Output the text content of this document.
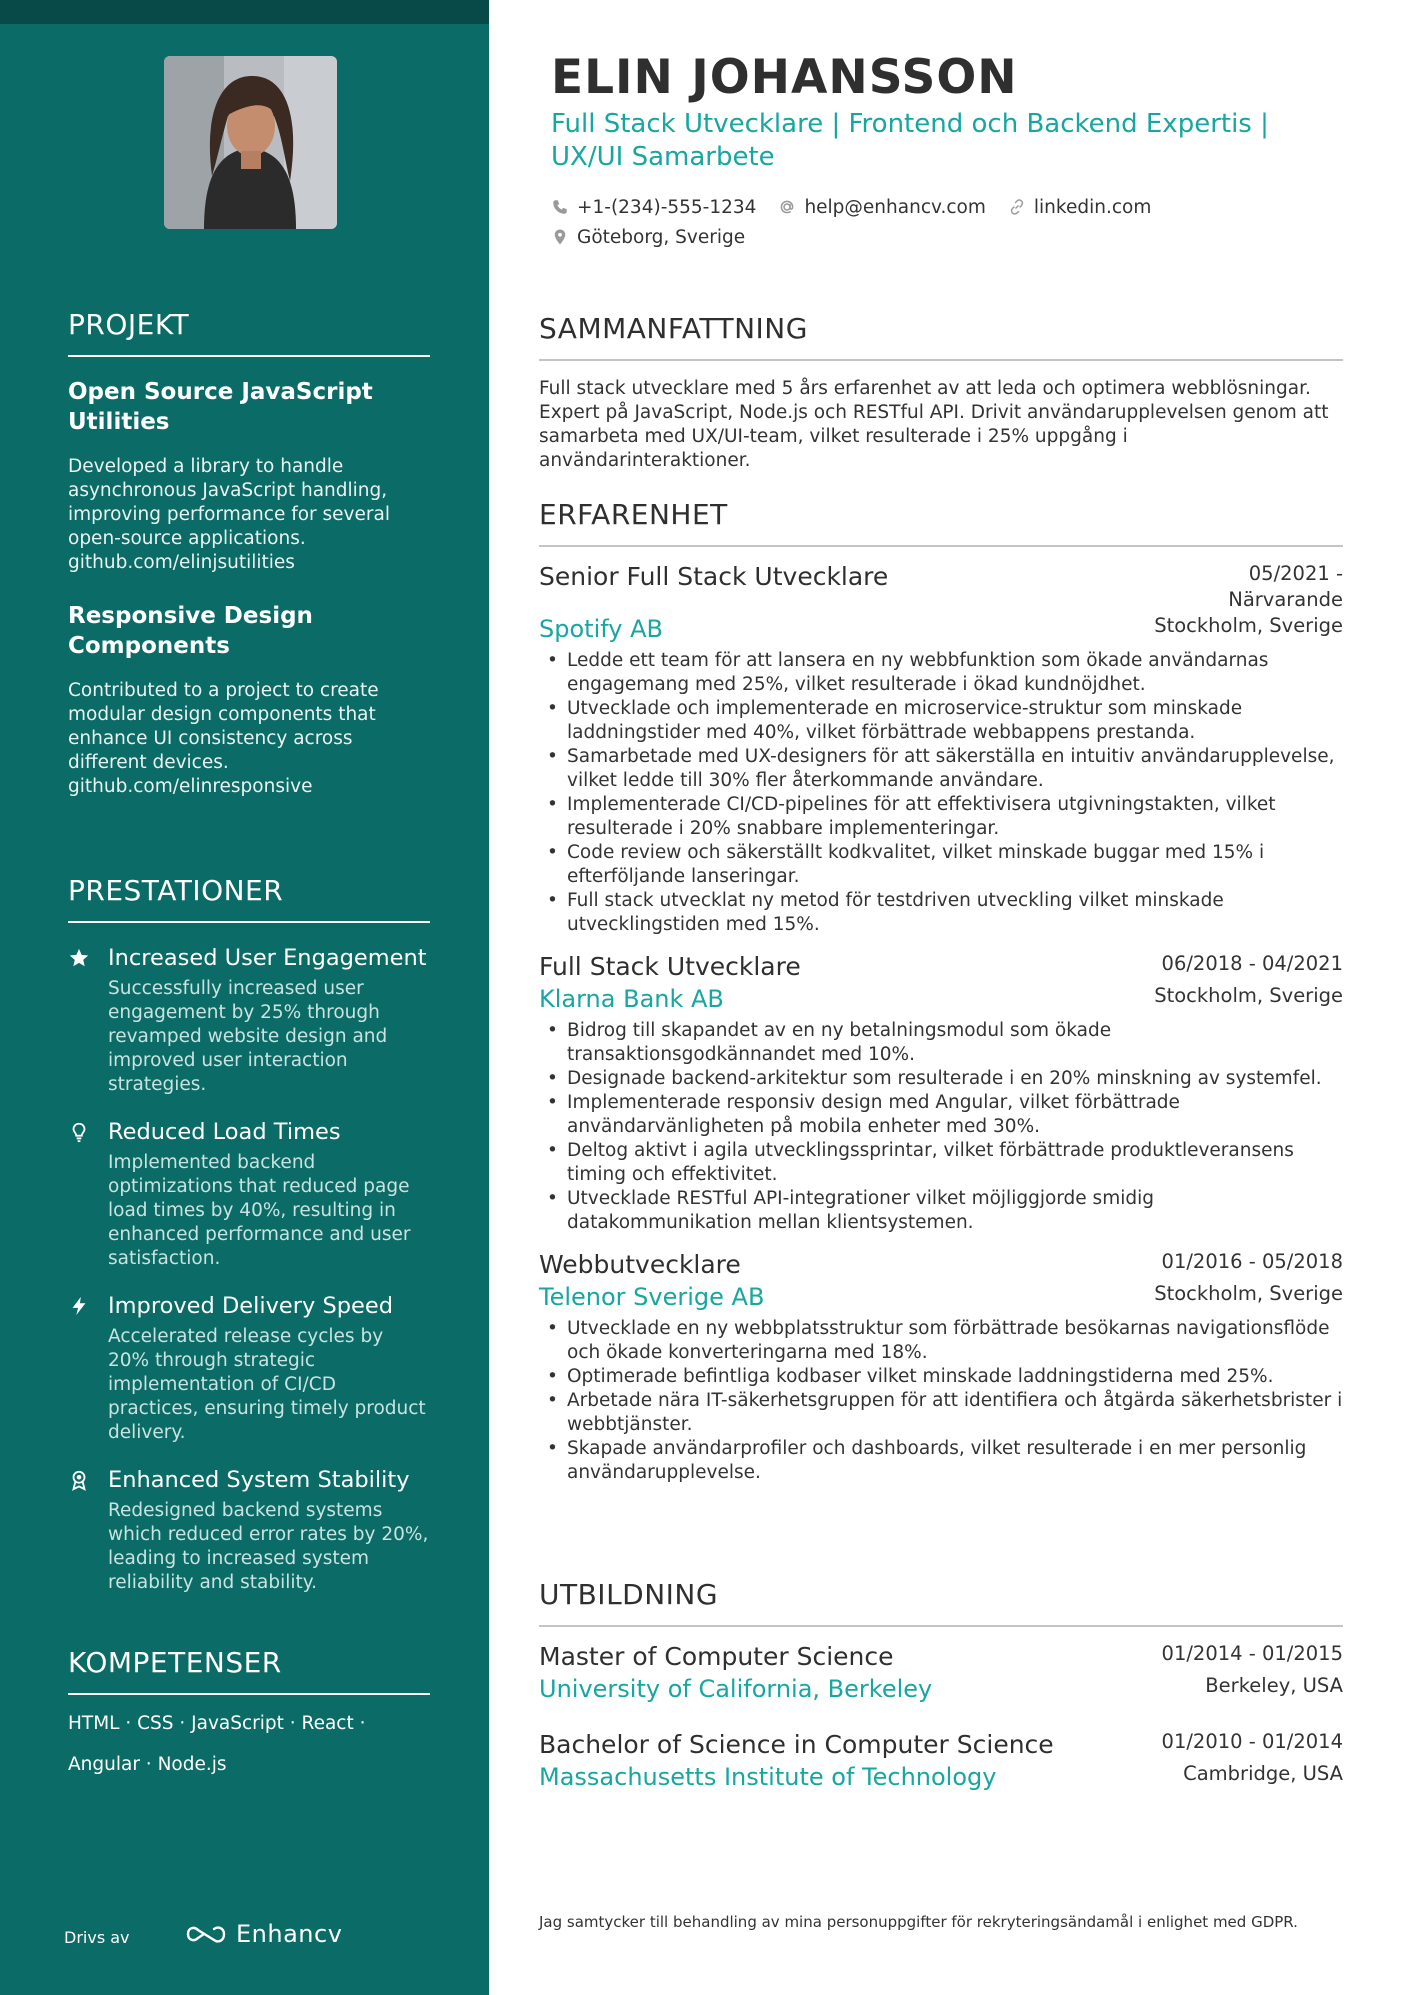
PROJEKT
Open Source JavaScript Utilities
Developed a library to handle asynchronous JavaScript handling, improving performance for several open-source applications. github.com/elinjsutilities
Responsive Design Components
Contributed to a project to create modular design components that enhance UI consistency across different devices. github.com/elinresponsive
PRESTATIONER
Increased User Engagement
Successfully increased user engagement by 25% through revamped website design and improved user interaction strategies.
Reduced Load Times
Implemented backend optimizations that reduced page load times by 40%, resulting in enhanced performance and user satisfaction.
Improved Delivery Speed
Accelerated release cycles by 20% through strategic implementation of CI/CD practices, ensuring timely product delivery.
Enhanced System Stability
Redesigned backend systems which reduced error rates by 20%, leading to increased system reliability and stability.
KOMPETENSER
HTML · CSS · JavaScript · React ·
Angular · Node.js
Drivs av	Enhancv
ELIN JOHANSSON
Full Stack Utvecklare | Frontend och Backend Expertis |
UX/UI Samarbete
+1-(234)-555-1234	help@enhancv.com	linkedin.com
Göteborg, Sverige
SAMMANFATTNING
Full stack utvecklare med 5 års erfarenhet av att leda och optimera webblösningar. Expert på JavaScript, Node.js och RESTful API. Drivit användarupplevelsen genom att samarbeta med UX/UI-team, vilket resulterade i 25% uppgång i användarinteraktioner.
ERFARENHET
Senior Full Stack Utvecklare	05/2021 -
Närvarande
Spotify AB	Stockholm, Sverige
• Ledde ett team för att lansera en ny webbfunktion som ökade användarnas engagemang med 25%, vilket resulterade i ökad kundnöjdhet.
• Utvecklade och implementerade en microservice-struktur som minskade laddningstider med 40%, vilket förbättrade webbappens prestanda.
• Samarbetade med UX-designers för att säkerställa en intuitiv användarupplevelse, vilket ledde till 30% fler återkommande användare.
• Implementerade CI/CD-pipelines för att effektivisera utgivningstakten, vilket resulterade i 20% snabbare implementeringar.
• Code review och säkerställt kodkvalitet, vilket minskade buggar med 15% i efterföljande lanseringar.
• Full stack utvecklat ny metod för testdriven utveckling vilket minskade utvecklingstiden med 15%.
Full Stack Utvecklare	06/2018 - 04/2021
Klarna Bank AB	Stockholm, Sverige
• Bidrog till skapandet av en ny betalningsmodul som ökade transaktionsgodkännandet med 10%.
• Designade backend-arkitektur som resulterade i en 20% minskning av systemfel.
• Implementerade responsiv design med Angular, vilket förbättrade användarvänligheten på mobila enheter med 30%.
• Deltog aktivt i agila utvecklingssprintar, vilket förbättrade produktleveransens timing och effektivitet.
• Utvecklade RESTful API-integrationer vilket möjliggjorde smidig datakommunikation mellan klientsystemen.
Webbutvecklare	01/2016 - 05/2018
Telenor Sverige AB	Stockholm, Sverige
• Utvecklade en ny webbplatsstruktur som förbättrade besökarnas navigationsflöde och ökade konverteringarna med 18%.
• Optimerade befintliga kodbaser vilket minskade laddningstiderna med 25%.
• Arbetade nära IT-säkerhetsgruppen för att identifiera och åtgärda säkerhetsbrister i webbtjänster.
• Skapade användarprofiler och dashboards, vilket resulterade i en mer personlig användarupplevelse.
UTBILDNING
Master of Computer Science	01/2014 - 01/2015
University of California, Berkeley	Berkeley, USA
Bachelor of Science in Computer Science	01/2010 - 01/2014
Massachusetts Institute of Technology	Cambridge, USA
Jag samtycker till behandling av mina personuppgifter för rekryteringsändamål i enlighet med GDPR.
